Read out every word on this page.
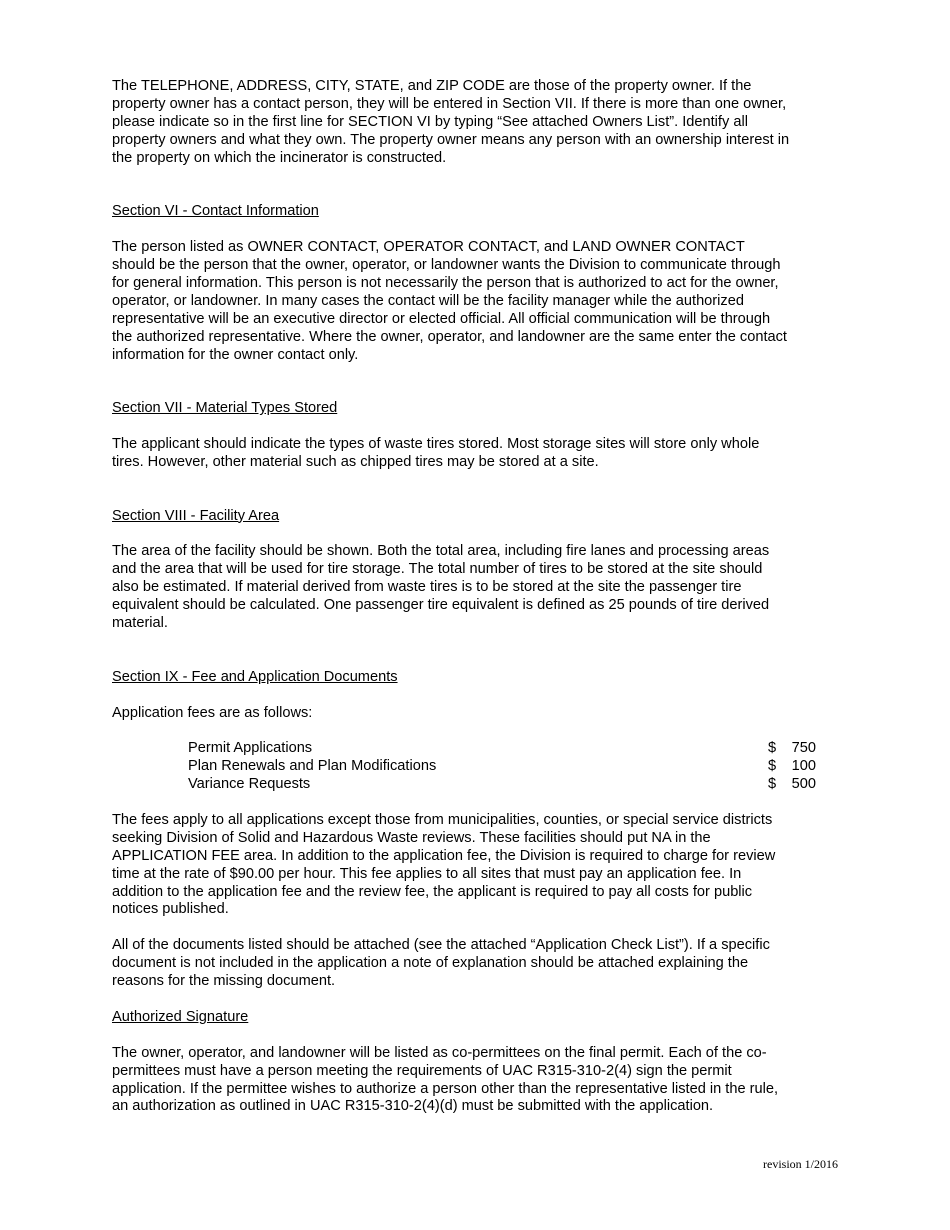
The TELEPHONE, ADDRESS, CITY, STATE, and ZIP CODE are those of the property owner. If the
property owner has a contact person, they will be entered in Section VII. If there is more than one owner,
please indicate so in the first line for SECTION VI by typing “See attached Owners List”. Identify all
property owners and what they own. The property owner means any person with an ownership interest in
the property on which the incinerator is constructed.

Section VI - Contact Information

The person listed as OWNER CONTACT, OPERATOR CONTACT, and LAND OWNER CONTACT
should be the person that the owner, operator, or landowner wants the Division to communicate through
for general information. This person is not necessarily the person that is authorized to act for the owner,
operator, or landowner. In many cases the contact will be the facility manager while the authorized
representative will be an executive director or elected official. All official communication will be through
the authorized representative. Where the owner, operator, and landowner are the same enter the contact
information for the owner contact only.

Section VII - Material Types Stored

The applicant should indicate the types of waste tires stored. Most storage sites will store only whole
tires. However, other material such as chipped tires may be stored at a site.

Section VIII - Facility Area

The area of the facility should be shown. Both the total area, including fire lanes and processing areas
and the area that will be used for tire storage. The total number of tires to be stored at the site should
also be estimated. If material derived from waste tires is to be stored at the site the passenger tire
equivalent should be calculated. One passenger tire equivalent is defined as 25 pounds of tire derived
material.

Section IX - Fee and Application Documents

Application fees are as follows:

Permit Applications	$ 750
Plan Renewals and Plan Modifications	$ 100
Variance Requests	$ 500

The fees apply to all applications except those from municipalities, counties, or special service districts
seeking Division of Solid and Hazardous Waste reviews. These facilities should put NA in the
APPLICATION FEE area. In addition to the application fee, the Division is required to charge for review
time at the rate of $90.00 per hour. This fee applies to all sites that must pay an application fee. In
addition to the application fee and the review fee, the applicant is required to pay all costs for public
notices published.

All of the documents listed should be attached (see the attached “Application Check List”). If a specific
document is not included in the application a note of explanation should be attached explaining the
reasons for the missing document.

Authorized Signature

The owner, operator, and landowner will be listed as co-permittees on the final permit. Each of the co-
permittees must have a person meeting the requirements of UAC R315-310-2(4) sign the permit
application. If the permittee wishes to authorize a person other than the representative listed in the rule,
an authorization as outlined in UAC R315-310-2(4)(d) must be submitted with the application.

revision 1/2016
